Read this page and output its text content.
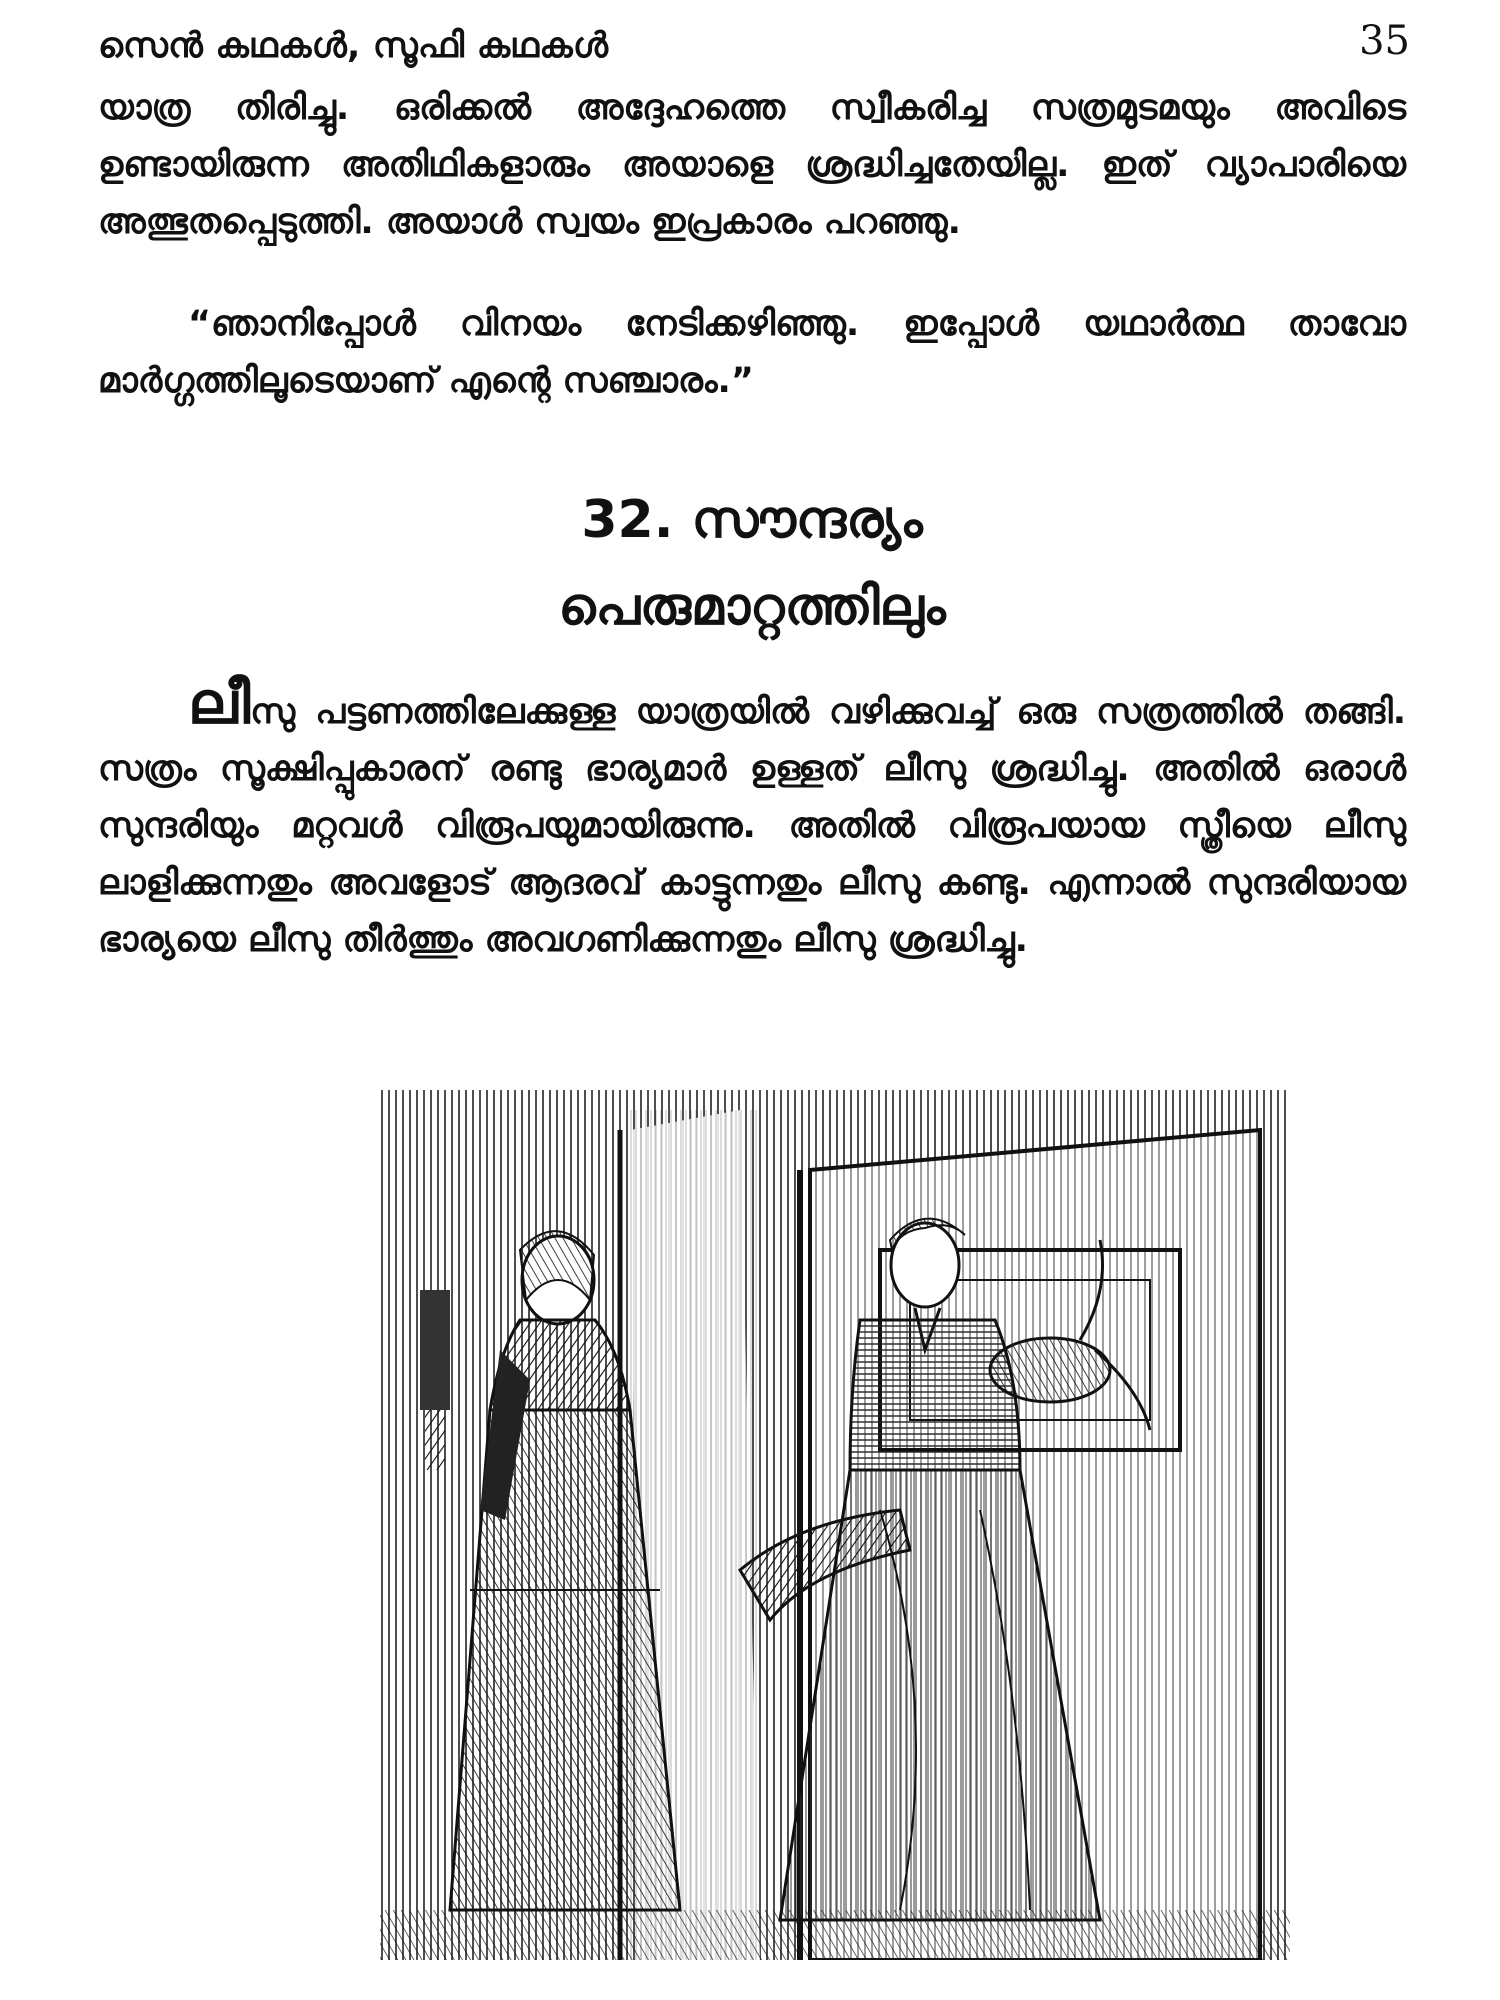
സെൻ കഥകൾ, സൂഫി കഥകൾ	35

യാത്ര തിരിച്ചു. ഒരിക്കൽ അദ്ദേഹത്തെ സ്വീകരിച്ച സത്രമുടമയും അവിടെ ഉണ്ടായിരുന്ന അതിഥികളാരും അയാളെ ശ്രദ്ധിച്ചതേയില്ല. ഇത് വ്യാപാരിയെ അത്ഭുതപ്പെടുത്തി. അയാൾ സ്വയം ഇപ്രകാരം പറഞ്ഞു.

“ഞാനിപ്പോൾ വിനയം നേടിക്കഴിഞ്ഞു. ഇപ്പോൾ യഥാർത്ഥ താവോ മാർഗ്ഗത്തിലൂടെയാണ് എന്റെ സഞ്ചാരം.”

32. സൗന്ദര്യം
പെരുമാറ്റത്തിലും

ലീസു പട്ടണത്തിലേക്കുള്ള യാത്രയിൽ വഴിക്കുവച്ച് ഒരു സത്രത്തിൽ തങ്ങി. സത്രം സൂക്ഷിപ്പുകാരന് രണ്ടു ഭാര്യമാർ ഉള്ളത് ലീസു ശ്രദ്ധിച്ചു. അതിൽ ഒരാൾ സുന്ദരിയും മറ്റവൾ വിരൂപയുമായിരുന്നു. അതിൽ വിരൂപയായ സ്ത്രീയെ ലീസു ലാളിക്കുന്നതും അവളോട് ആദരവ് കാട്ടുന്നതും ലീസു കണ്ടു. എന്നാൽ സുന്ദരിയായ ഭാര്യയെ ലീസു തീർത്തും അവഗണിക്കുന്നതും ലീസു ശ്രദ്ധിച്ചു.
